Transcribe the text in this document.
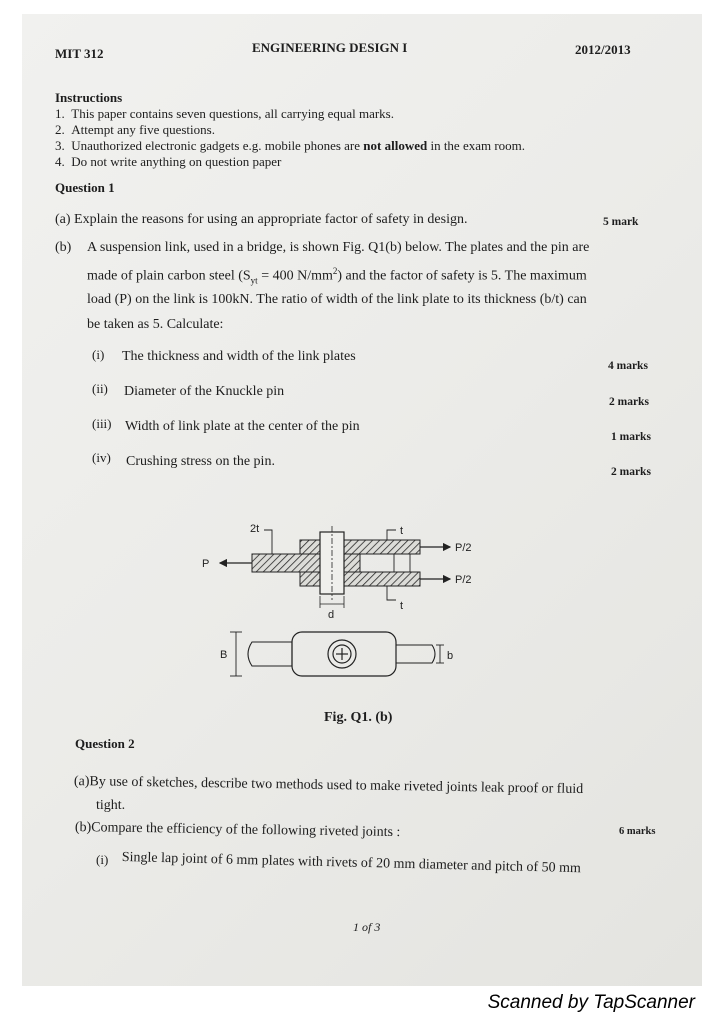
MIT 312	ENGINEERING DESIGN I	2012/2013
Instructions
1. This paper contains seven questions, all carrying equal marks.
2. Attempt any five questions.
3. Unauthorized electronic gadgets e.g. mobile phones are not allowed in the exam room.
4. Do not write anything on question paper
Question 1
(a) Explain the reasons for using an appropriate factor of safety in design.	5 mark
(b) A suspension link, used in a bridge, is shown Fig. Q1(b) below. The plates and the pin are
made of plain carbon steel ($S_{yt} = 400$ $N/mm^2$) and the factor of safety is 5. The maximum
load (P) on the link is 100kN. The ratio of width of the link plate to its thickness (b/t) can
be taken as 5. Calculate:
(i) The thickness and width of the link plates
4 marks
(ii) Diameter of the Knuckle pin
2 marks
(iii) Width of link plate at the center of the pin
1 marks
(iv) Crushing stress on the pin.
2 marks
P
P/2
P/2
2t	t
t
d
B	b
Fig. Q1. (b)
Question 2
(a)By use of sketches, describe two methods used to make riveted joints leak proof or fluid
tight.
6 marks
(b)Compare the efficiency of the following riveted joints :
(i) Single lap joint of 6 mm plates with rivets of 20 mm diameter and pitch of 50 mm
1 of 3
Scanned by TapScanner
